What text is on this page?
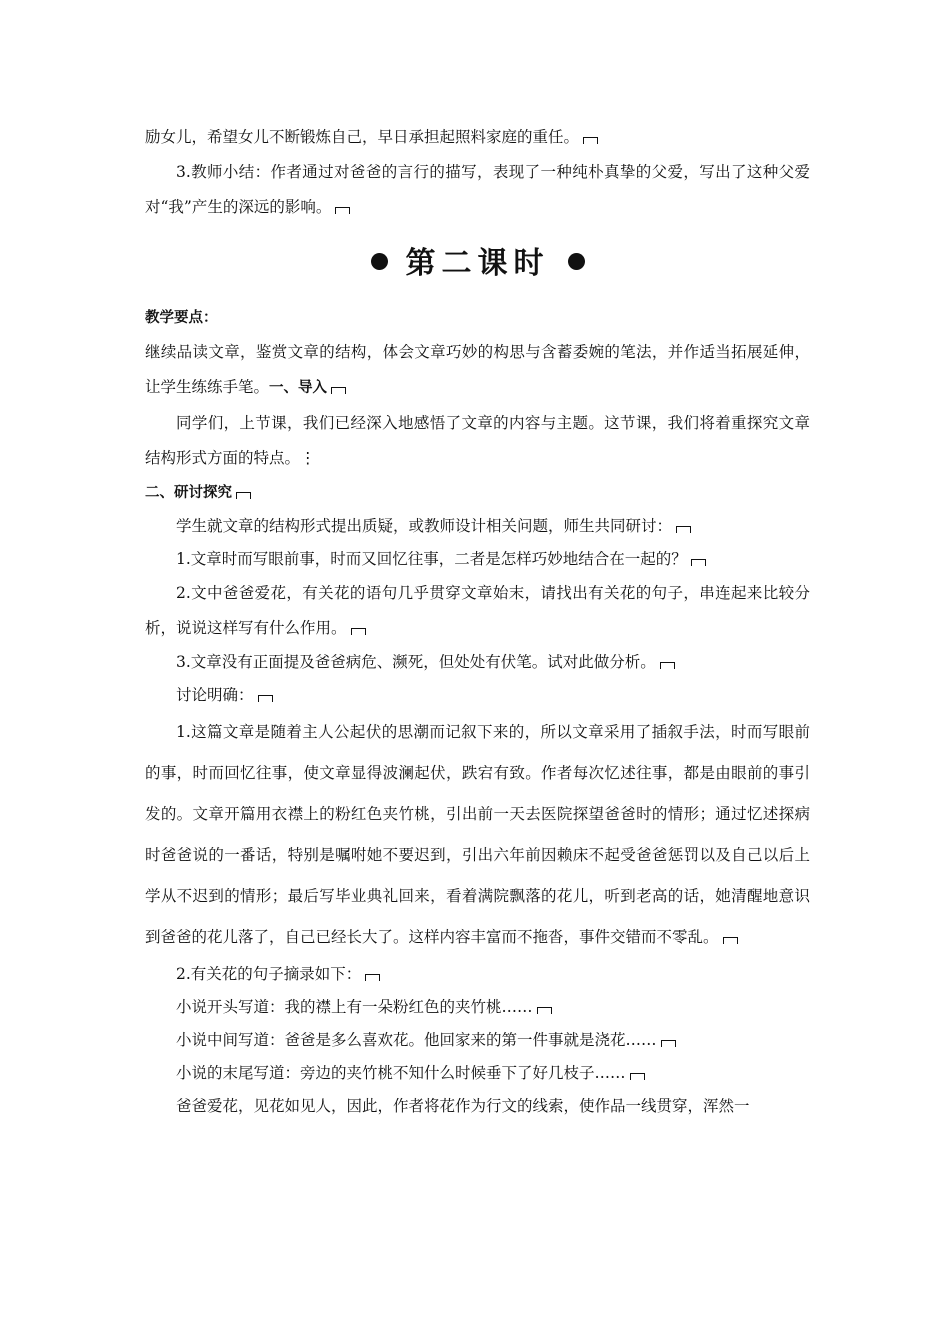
励女儿，希望女儿不断锻炼自己，早日承担起照料家庭的重任。

3.教师小结：作者通过对爸爸的言行的描写，表现了一种纯朴真挚的父爱，写出了这种父爱对“我”产生的深远的影响。

第二课时

教学要点：

继续品读文章，鉴赏文章的结构，体会文章巧妙的构思与含蓄委婉的笔法，并作适当拓展延伸，让学生练练手笔。一、导入

同学们，上节课，我们已经深入地感悟了文章的内容与主题。这节课，我们将着重探究文章结构形式方面的特点。⋮

二、研讨探究

学生就文章的结构形式提出质疑，或教师设计相关问题，师生共同研讨：

1.文章时而写眼前事，时而又回忆往事，二者是怎样巧妙地结合在一起的？

2.文中爸爸爱花，有关花的语句几乎贯穿文章始末，请找出有关花的句子，串连起来比较分析，说说这样写有什么作用。

3.文章没有正面提及爸爸病危、濒死，但处处有伏笔。试对此做分析。

讨论明确：

1.这篇文章是随着主人公起伏的思潮而记叙下来的，所以文章采用了插叙手法，时而写眼前的事，时而回忆往事，使文章显得波澜起伏，跌宕有致。作者每次忆述往事，都是由眼前的事引发的。文章开篇用衣襟上的粉红色夹竹桃，引出前一天去医院探望爸爸时的情形；通过忆述探病时爸爸说的一番话，特别是嘱咐她不要迟到，引出六年前因赖床不起受爸爸惩罚以及自己以后上学从不迟到的情形；最后写毕业典礼回来，看着满院飘落的花儿，听到老高的话，她清醒地意识到爸爸的花儿落了，自己已经长大了。这样内容丰富而不拖沓，事件交错而不零乱。

2.有关花的句子摘录如下：

小说开头写道：我的襟上有一朵粉红色的夹竹桃……

小说中间写道：爸爸是多么喜欢花。他回家来的第一件事就是浇花……

小说的末尾写道：旁边的夹竹桃不知什么时候垂下了好几枝子……

爸爸爱花，见花如见人，因此，作者将花作为行文的线索，使作品一线贯穿，浑然一
